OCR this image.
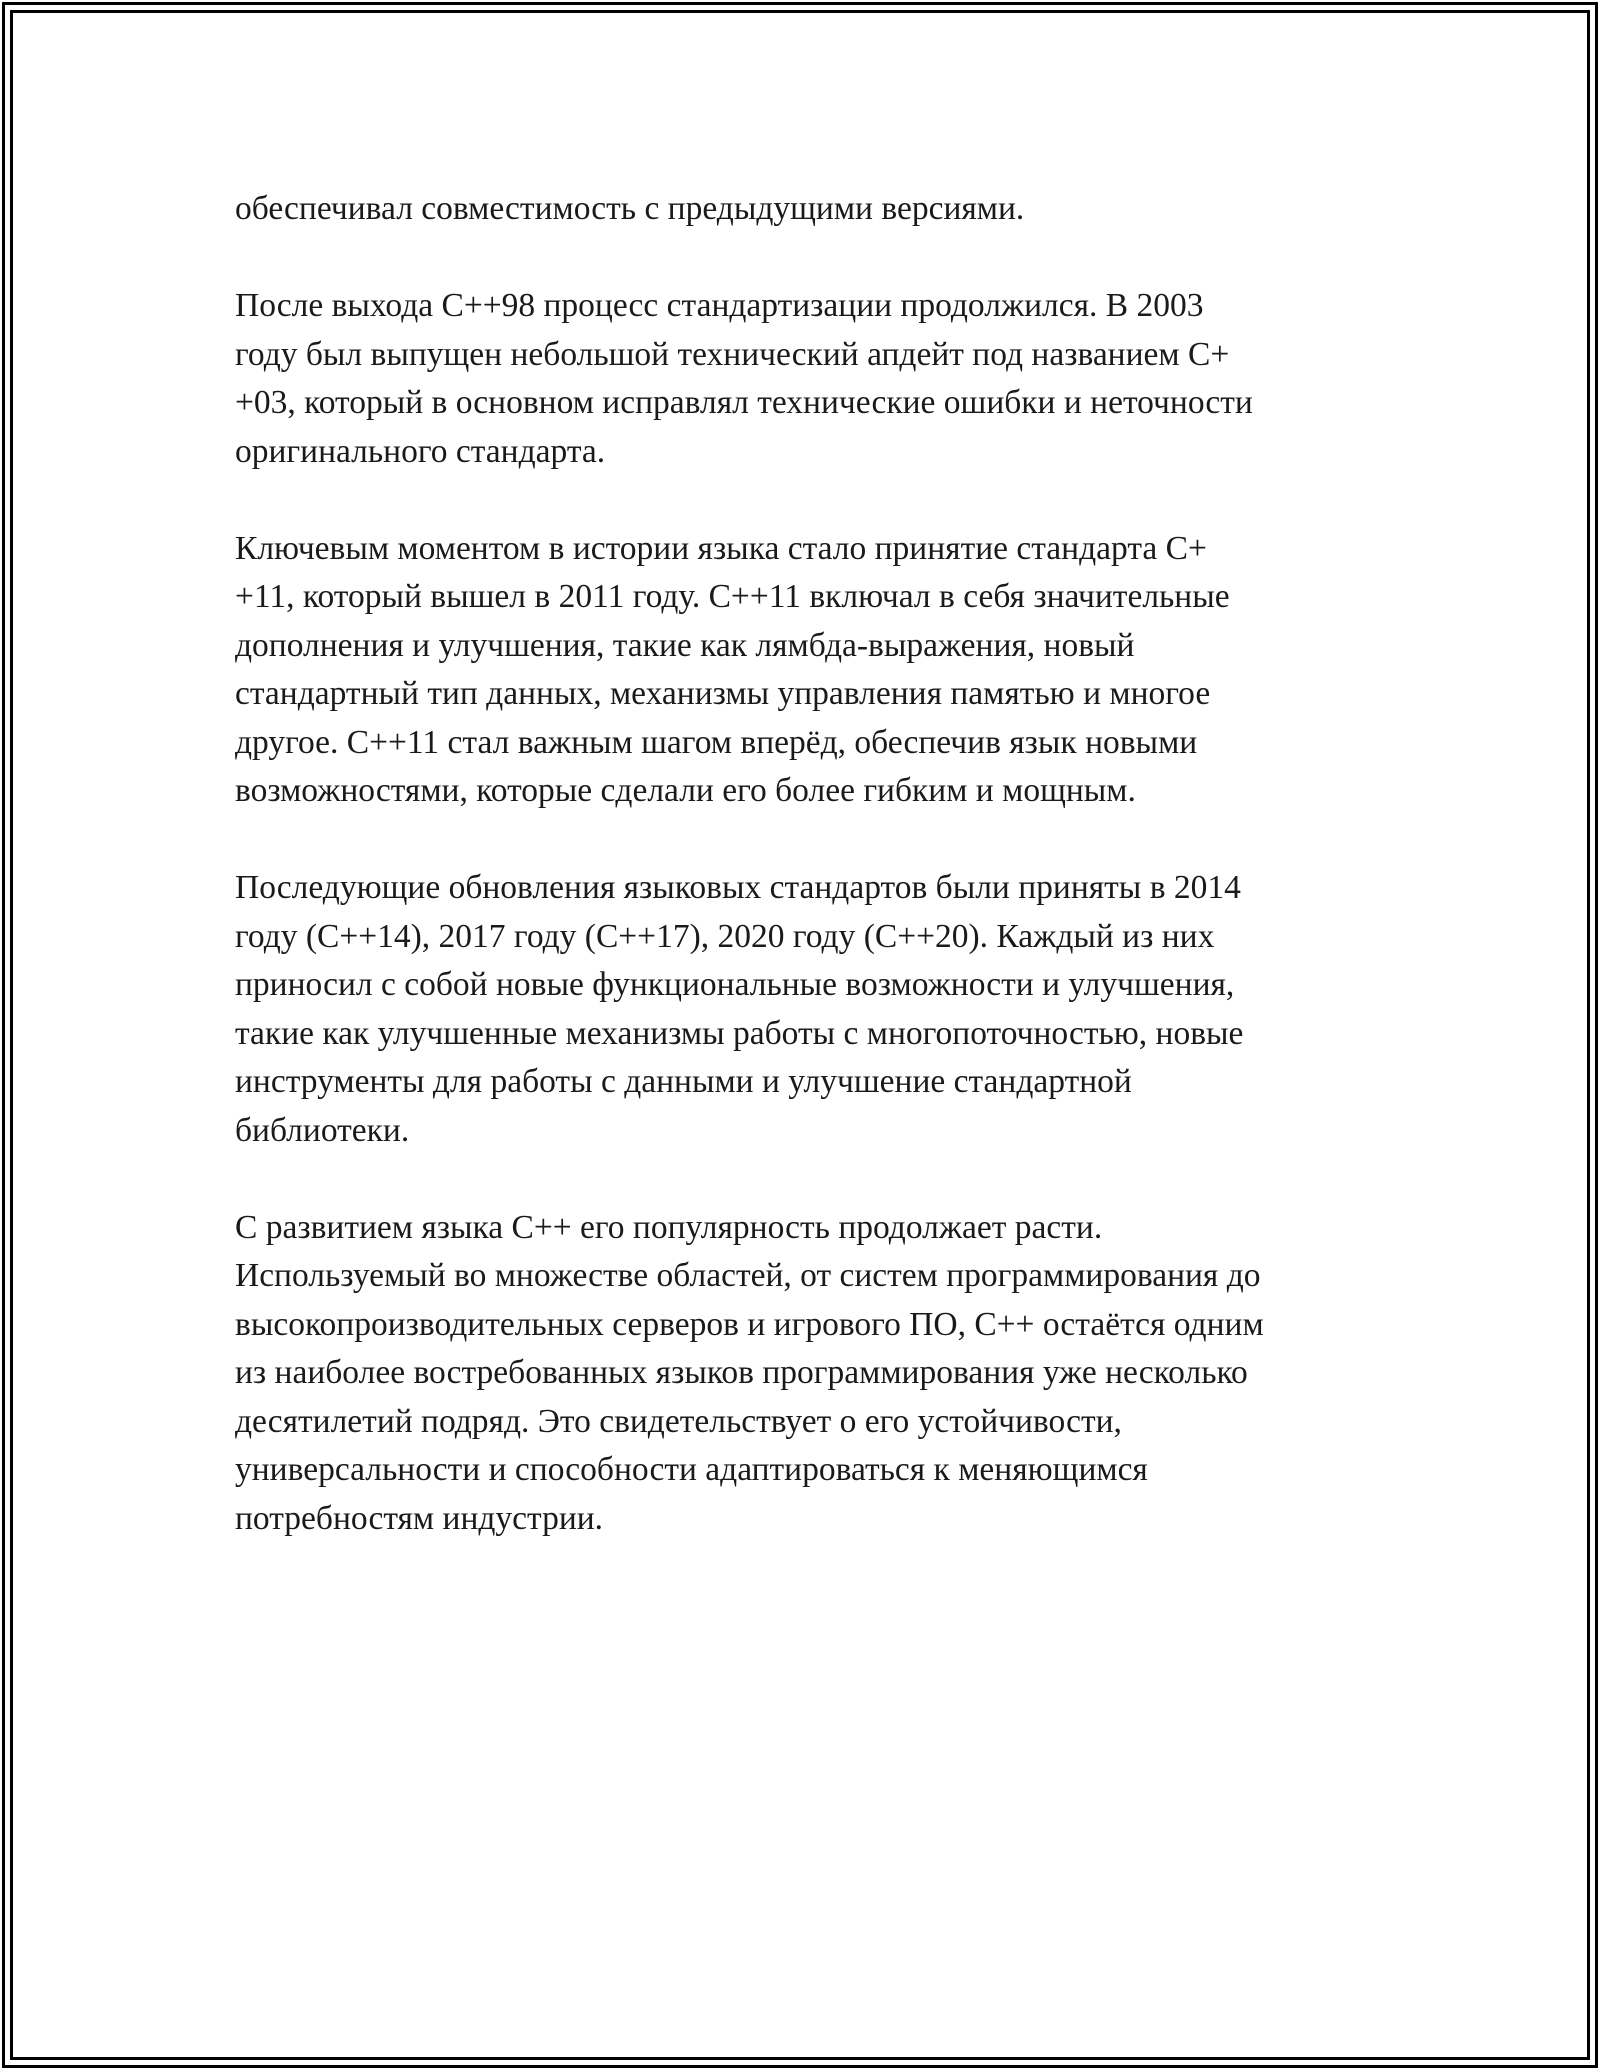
обеспечивал совместимость с предыдущими версиями.

После выхода C++98 процесс стандартизации продолжился. В 2003
году был выпущен небольшой технический апдейт под названием C+
+03, который в основном исправлял технические ошибки и неточности
оригинального стандарта.

Ключевым моментом в истории языка стало принятие стандарта C+
+11, который вышел в 2011 году. C++11 включал в себя значительные
дополнения и улучшения, такие как лямбда-выражения, новый
стандартный тип данных, механизмы управления памятью и многое
другое. C++11 стал важным шагом вперёд, обеспечив язык новыми
возможностями, которые сделали его более гибким и мощным.

Последующие обновления языковых стандартов были приняты в 2014
году (C++14), 2017 году (C++17), 2020 году (C++20). Каждый из них
приносил с собой новые функциональные возможности и улучшения,
такие как улучшенные механизмы работы с многопоточностью, новые
инструменты для работы с данными и улучшение стандартной
библиотеки.

С развитием языка C++ его популярность продолжает расти.
Используемый во множестве областей, от систем программирования до
высокопроизводительных серверов и игрового ПО, C++ остаётся одним
из наиболее востребованных языков программирования уже несколько
десятилетий подряд. Это свидетельствует о его устойчивости,
универсальности и способности адаптироваться к меняющимся
потребностям индустрии.
